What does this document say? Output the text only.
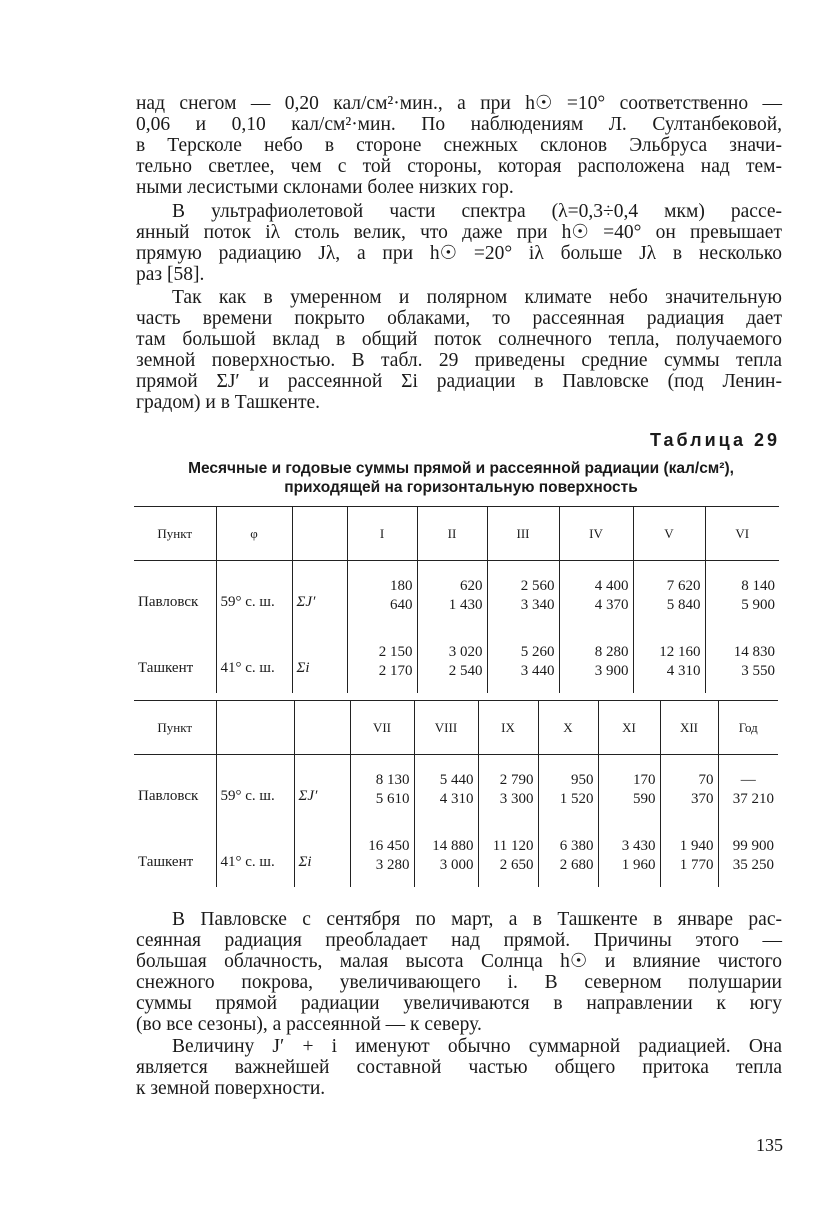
над снегом — 0,20 кал/см²·мин., а при h☉ =10° соответственно —
0,06 и 0,10 кал/см²·мин. По наблюдениям Л. Султанбековой,
в Терсколе небо в стороне снежных склонов Эльбруса значи-
тельно светлее, чем с той стороны, которая расположена над тем-
ными лесистыми склонами более низких гор.
В ультрафиолетовой части спектра (λ=0,3÷0,4 мкм) рассе-
янный поток iλ столь велик, что даже при h☉ =40° он превышает
прямую радиацию Jλ, а при h☉ =20° iλ больше Jλ в несколько
раз [58].
Так как в умеренном и полярном климате небо значительную
часть времени покрыто облаками, то рассеянная радиация дает
там большой вклад в общий поток солнечного тепла, получаемого
земной поверхностью. В табл. 29 приведены средние суммы тепла
прямой ΣJ′ и рассеянной Σi радиации в Павловске (под Ленин-
градом) и в Ташкенте.
Таблица 29
Месячные и годовые суммы прямой и рассеянной радиации (кал/см²),
приходящей на горизонтальную поверхность
Пункт	φ		I	II	III	IV	V	VI
Павловск	59° с. ш.	ΣJ′	180	620	2 560	4 400	7 620	8 140
			640	1 430	3 340	4 370	5 840	5 900
Ташкент	41° с. ш.	Σi	2 150	3 020	5 260	8 280	12 160	14 830
			2 170	2 540	3 440	3 900	4 310	3 550
Пункт			VII	VIII	IX	X	XI	XII	Год
Павловск	59° с. ш.	ΣJ′	8 130	5 440	2 790	950	170	70	—
			5 610	4 310	3 300	1 520	590	370	37 210
Ташкент	41° с. ш.	Σi	16 450	14 880	11 120	6 380	3 430	1 940	99 900
			3 280	3 000	2 650	2 680	1 960	1 770	35 250
В Павловске с сентября по март, а в Ташкенте в январе рас-
сеянная радиация преобладает над прямой. Причины этого —
большая облачность, малая высота Солнца h☉ и влияние чистого
снежного покрова, увеличивающего i. В северном полушарии
суммы прямой радиации увеличиваются в направлении к югу
(во все сезоны), а рассеянной — к северу.
Величину J′ + i именуют обычно суммарной радиацией. Она
является важнейшей составной частью общего притока тепла
к земной поверхности.
135
